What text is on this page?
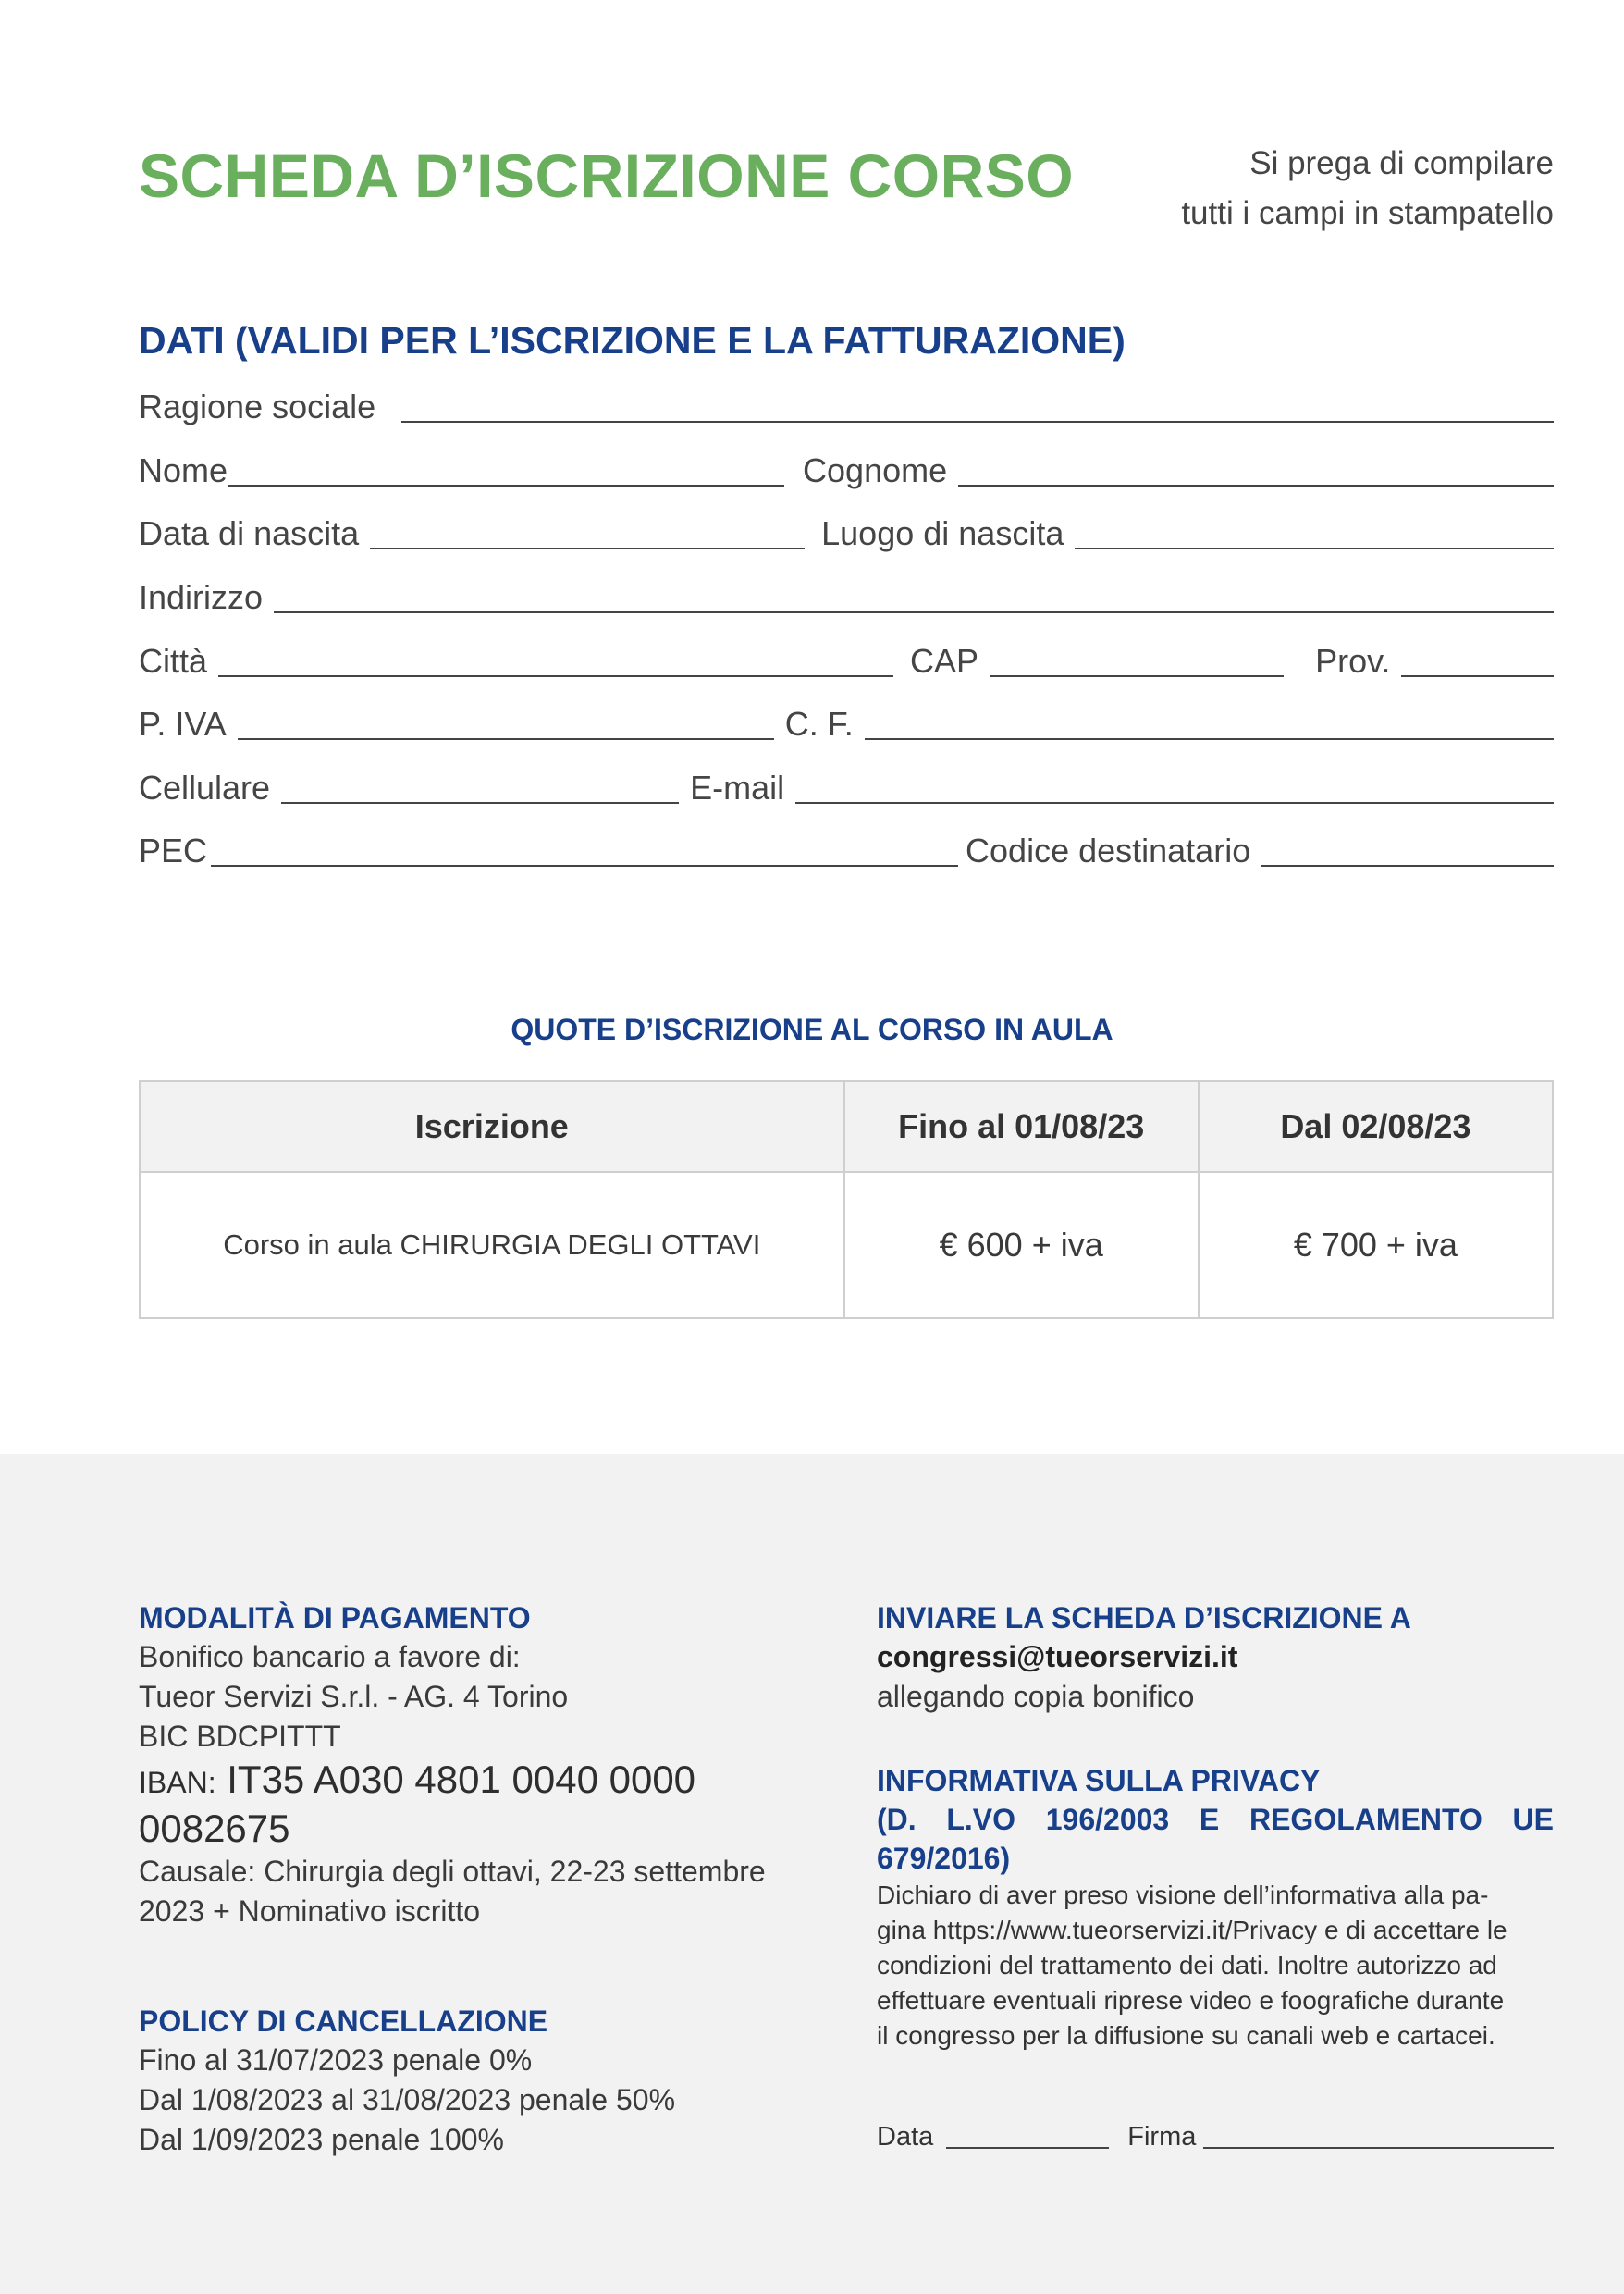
SCHEDA D’ISCRIZIONE CORSO	Si prega di compilare
tutti i campi in stampatello
DATI (VALIDI PER L’ISCRIZIONE E LA FATTURAZIONE)
Ragione sociale
Nome	Cognome
Data di nascita	Luogo di nascita
Indirizzo
Città	CAP	Prov.
P. IVA	C. F.
Cellulare	E-mail
PEC	Codice destinatario
QUOTE D’ISCRIZIONE AL CORSO IN AULA
Iscrizione	Fino al 01/08/23	Dal 02/08/23
Corso in aula CHIRURGIA DEGLI OTTAVI	€ 600 + iva	€ 700 + iva

MODALITÀ DI PAGAMENTO

Bonifico bancario a favore di:

Tueor Servizi S.r.l. - AG. 4 Torino

BIC BDCPITTT

IBAN: IT35 A030 4801 0040 0000
0082675

Causale: Chirurgia degli ottavi, 22-23 settembre

2023 + Nominativo iscritto

POLICY DI CANCELLAZIONE

Fino al 31/07/2023 penale 0%

Dal 1/08/2023 al 31/08/2023 penale 50%

Dal 1/09/2023 penale 100%

INVIARE LA SCHEDA D’ISCRIZIONE A

congressi@tueorservizi.it

allegando copia bonifico

INFORMATIVA SULLA PRIVACY

(D. L.VO 196/2003 E REGOLAMENTO UE

679/2016)

Dichiaro di aver preso visione dell’informativa alla pa-

gina https://www.tueorservizi.it/Privacy e di accettare le

condizioni del trattamento dei dati. Inoltre autorizzo ad

effettuare eventuali riprese video e foografiche durante

il congresso per la diffusione su canali web e cartacei.

Data	Firma
